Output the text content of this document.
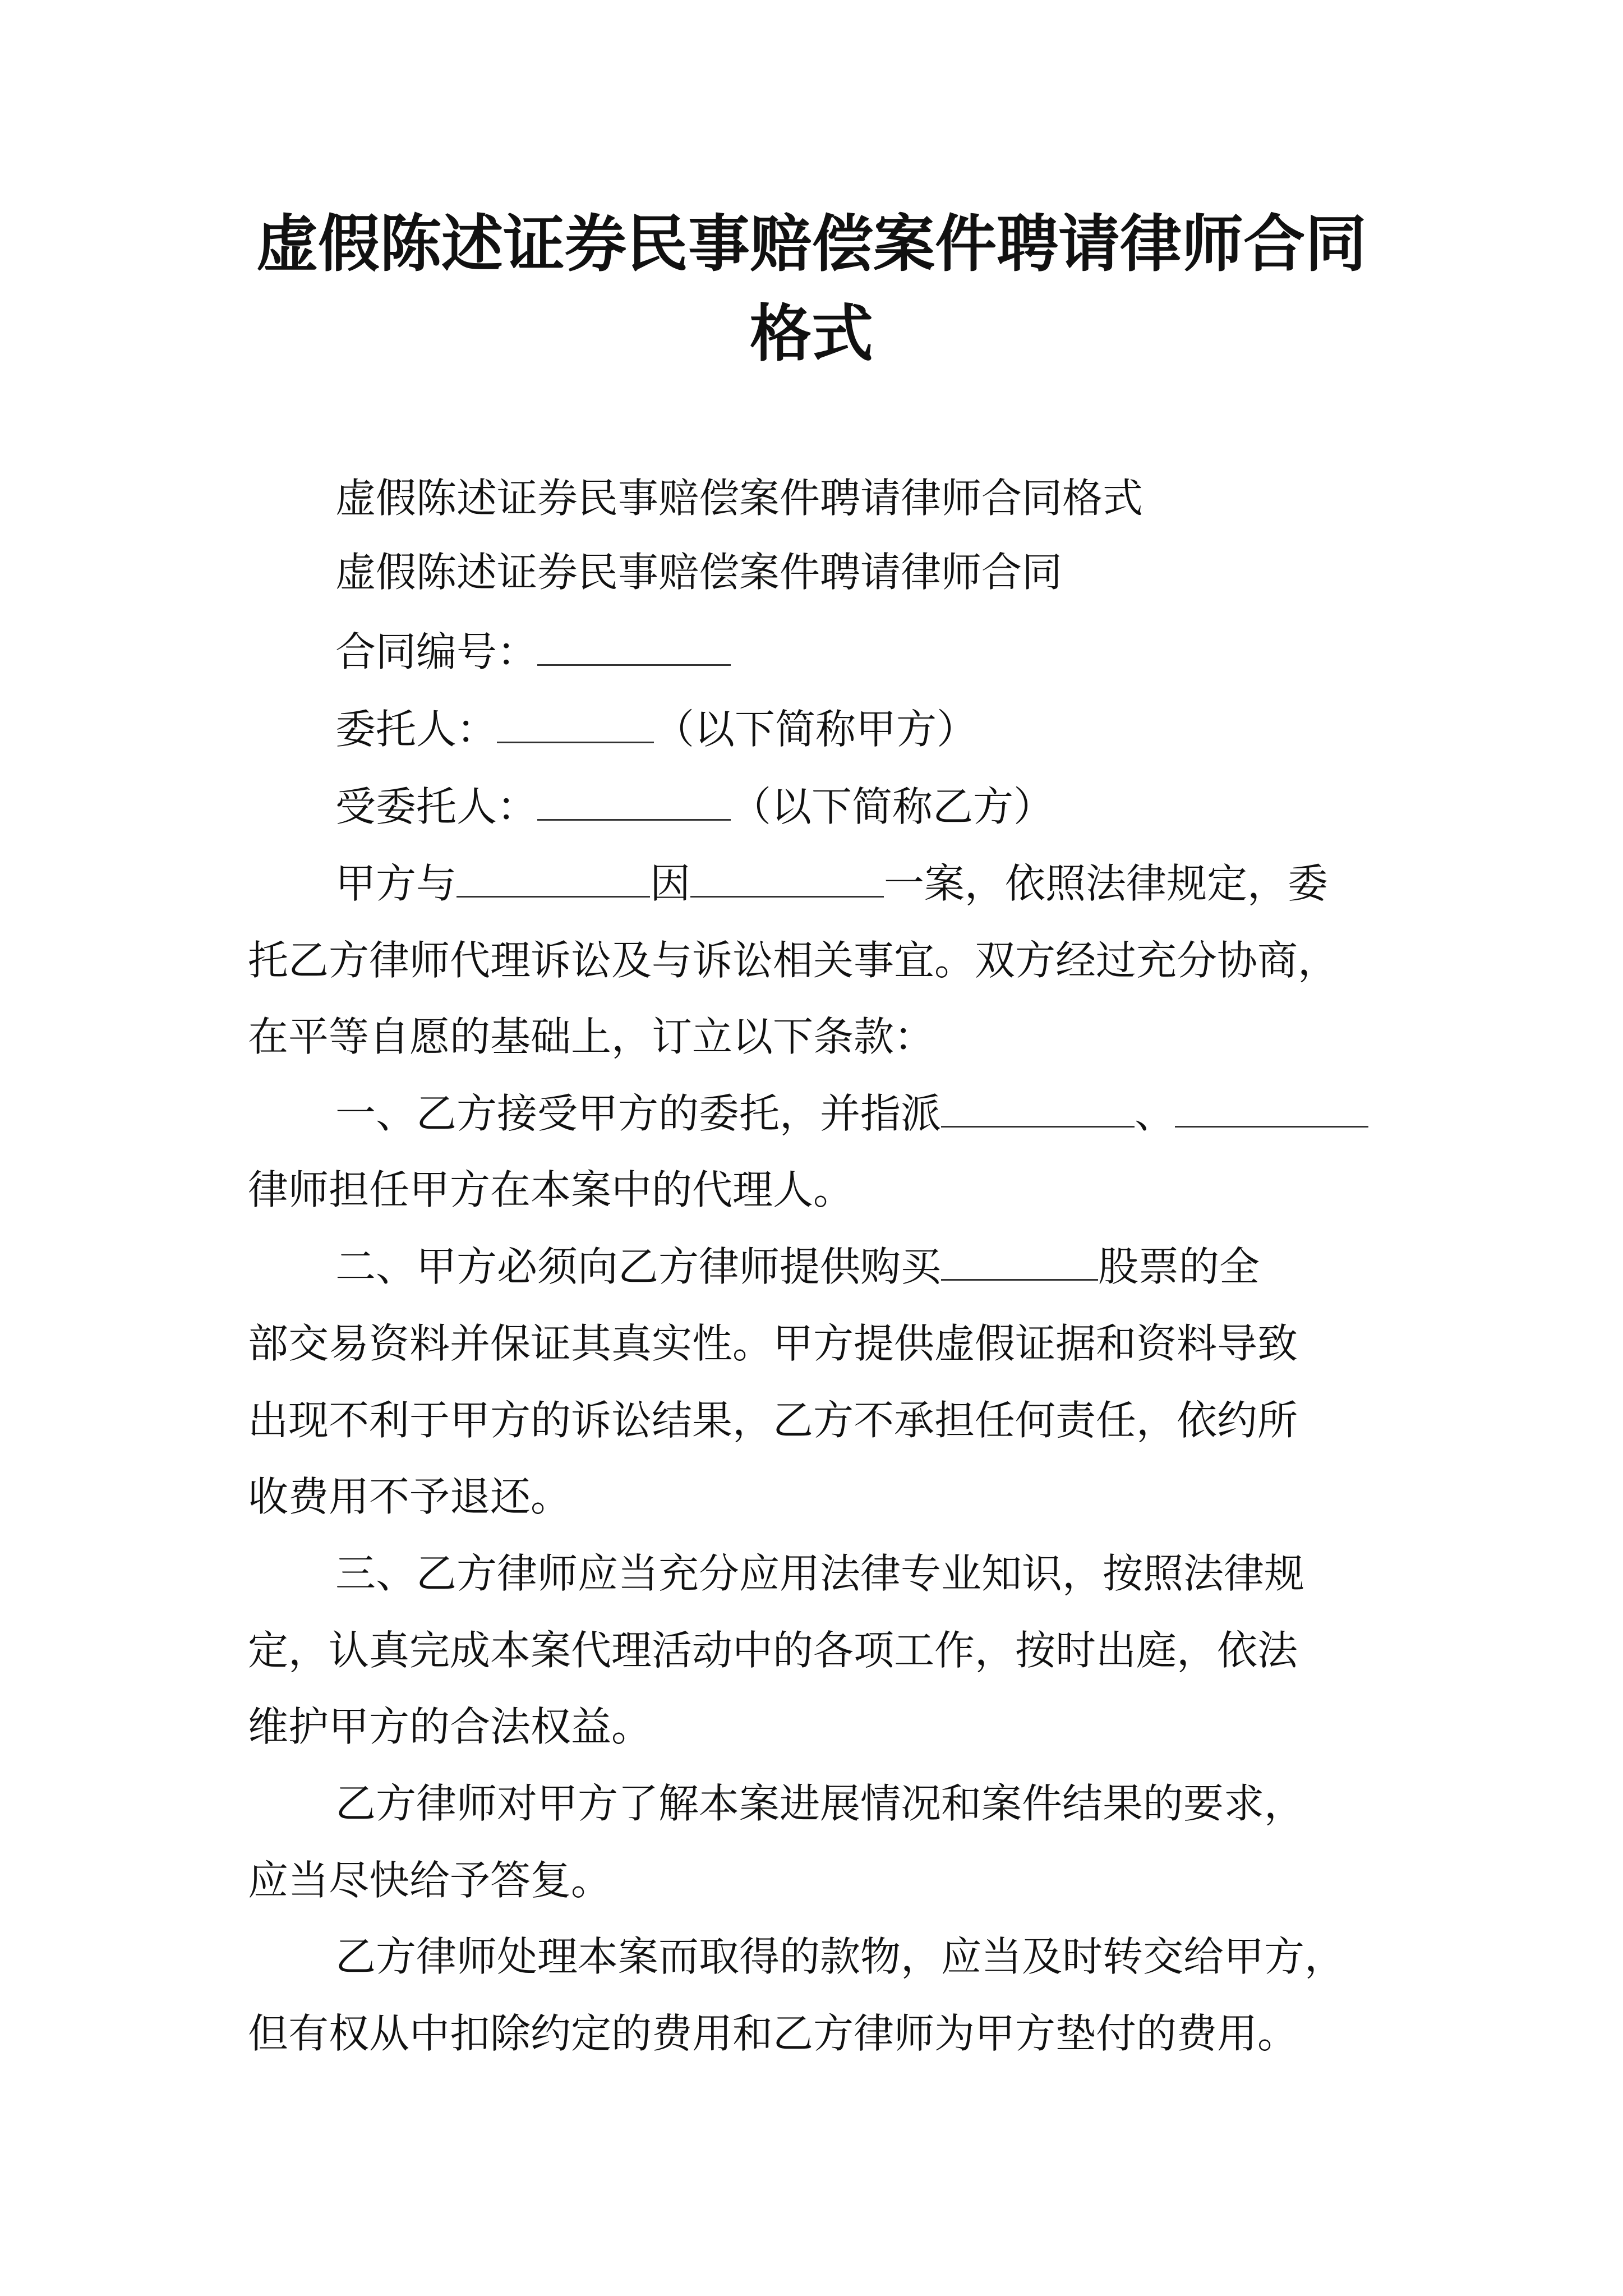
虚假陈述证券民事赔偿案件聘请律师合同
格式
虚假陈述证券民事赔偿案件聘请律师合同格式
虚假陈述证券民事赔偿案件聘请律师合同
合同编号：
委托人：	（以下简称甲方）
受委托人：	（以下简称乙方）
甲方与	因	一案，依照法律规定，委
托乙方律师代理诉讼及与诉讼相关事宜。双方经过充分协商，
在平等自愿的基础上，订立以下条款：
一、乙方接受甲方的委托，并指派	、
律师担任甲方在本案中的代理人。
二、甲方必须向乙方律师提供购买	股票的全
部交易资料并保证其真实性。甲方提供虚假证据和资料导致
出现不利于甲方的诉讼结果，乙方不承担任何责任，依约所
收费用不予退还。
三、乙方律师应当充分应用法律专业知识，按照法律规
定，认真完成本案代理活动中的各项工作，按时出庭，依法
维护甲方的合法权益。
乙方律师对甲方了解本案进展情况和案件结果的要求，
应当尽快给予答复。
乙方律师处理本案而取得的款物，应当及时转交给甲方，
但有权从中扣除约定的费用和乙方律师为甲方垫付的费用。
